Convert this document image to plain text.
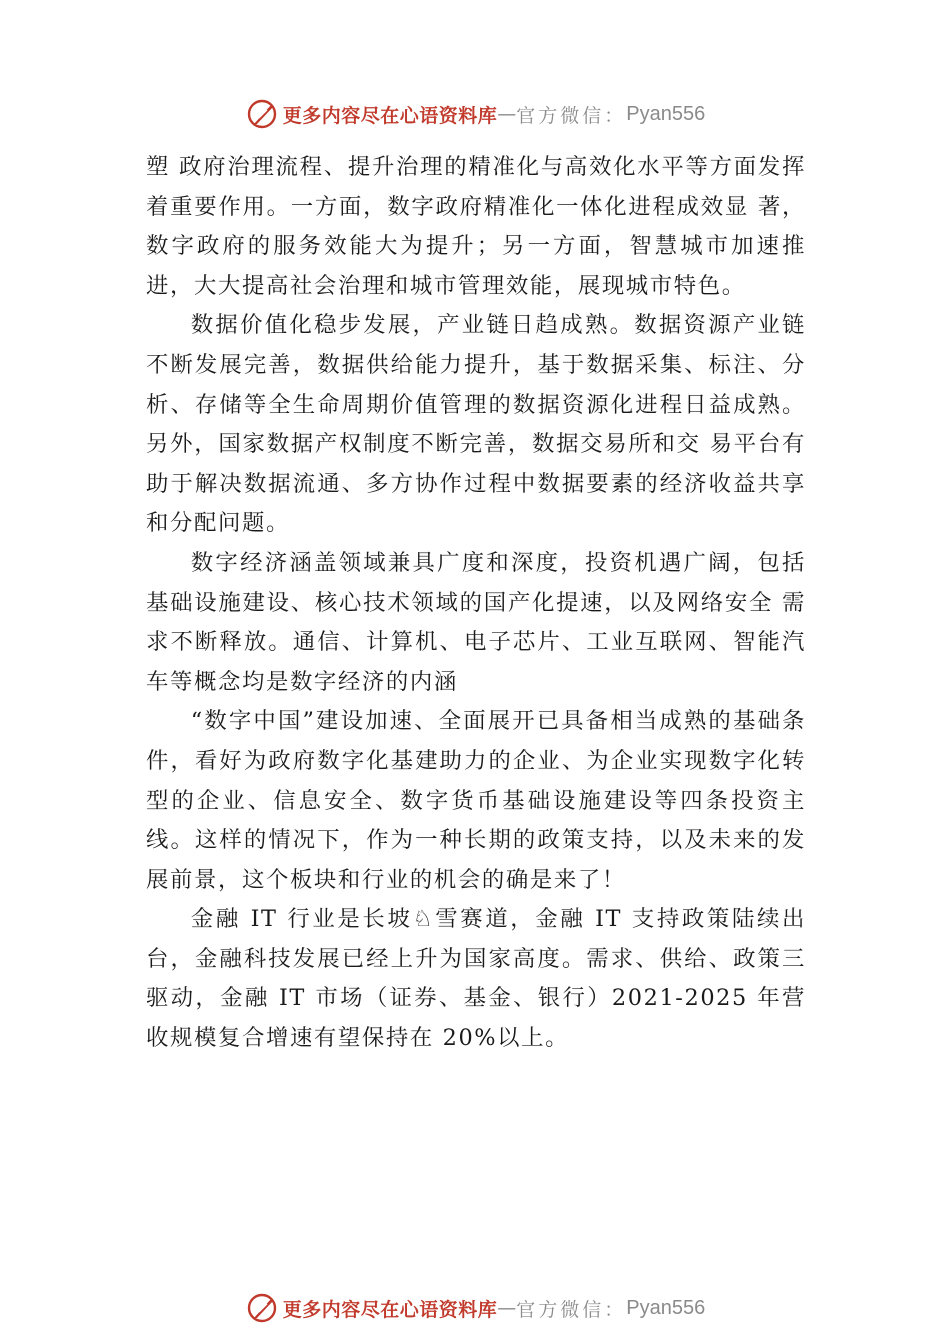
更多内容尽在心语资料库 — 官方微信： Pyan556

塑 政府治理流程、提升治理的精准化与高效化水平等方面发挥着重要作用。一方面，数字政府精准化一体化进程成效显 著，数字政府的服务效能大为提升；另一方面，智慧城市加速推进，大大提高社会治理和城市管理效能，展现城市特色。

数据价值化稳步发展，产业链日趋成熟。数据资源产业链不断发展完善，数据供给能力提升，基于数据采集、标注、分析、存储等全生命周期价值管理的数据资源化进程日益成熟。另外，国家数据产权制度不断完善，数据交易所和交 易平台有助于解决数据流通、多方协作过程中数据要素的经济收益共享和分配问题。

数字经济涵盖领域兼具广度和深度，投资机遇广阔，包括基础设施建设、核心技术领域的国产化提速，以及网络安全 需求不断释放。通信、计算机、电子芯片、工业互联网、智能汽车等概念均是数字经济的内涵

“数字中国”建设加速、全面展开已具备相当成熟的基础条件，看好为政府数字化基建助力的企业、为企业实现数字化转型的企业、信息安全、数字货币基础设施建设等四条投资主线。这样的情况下，作为一种长期的政策支持，以及未来的发展前景，这个板块和行业的机会的确是来了！

金融 IT 行业是长坡♘雪赛道，金融 IT 支持政策陆续出台，金融科技发展已经上升为国家高度。需求、供给、政策三驱动，金融 IT 市场（证券、基金、银行）2021-2025 年营收规模复合增速有望保持在 20%以上。

更多内容尽在心语资料库 — 官方微信： Pyan556
